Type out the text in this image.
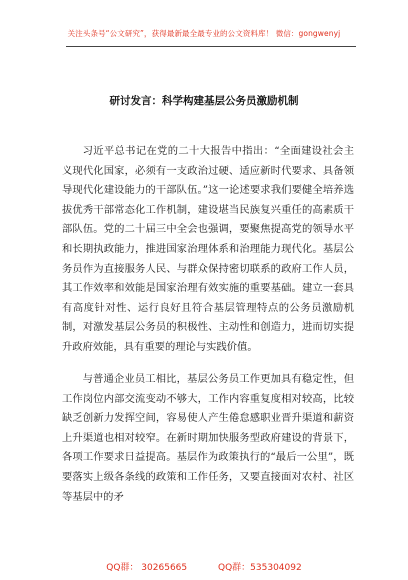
关注头条号“公文研究”，获得最新最全最专业的公文资料库！ 微信：gongwenyj
研讨发言：科学构建基层公务员激励机制

习近平总书记在党的二十大报告中指出：“全面建设社会主义现代化国家，必须有一支政治过硬、适应新时代要求、具备领导现代化建设能力的干部队伍。”这一论述要求我们要健全培养选拔优秀干部常态化工作机制，建设堪当民族复兴重任的高素质干部队伍。党的二十届三中全会也强调，要聚焦提高党的领导水平和长期执政能力，推进国家治理体系和治理能力现代化。基层公务员作为直接服务人民、与群众保持密切联系的政府工作人员，其工作效率和效能是国家治理有效实施的重要基础。建立一套具有高度针对性、运行良好且符合基层管理特点的公务员激励机制，对激发基层公务员的积极性、主动性和创造力，进而切实提升政府效能，具有重要的理论与实践价值。

与普通企业员工相比，基层公务员工作更加具有稳定性，但工作岗位内部交流变动不够大，工作内容重复度相对较高，比较缺乏创新力发挥空间，容易使人产生倦怠感职业晋升渠道和薪资上升渠道也相对较窄。在新时期加快服务型政府建设的背景下，各项工作要求日益提高。基层作为政策执行的“最后一公里”，既要落实上级各条线的政策和工作任务，又要直接面对农村、社区等基层中的矛

QQ群： 30265665	QQ群：535304092
